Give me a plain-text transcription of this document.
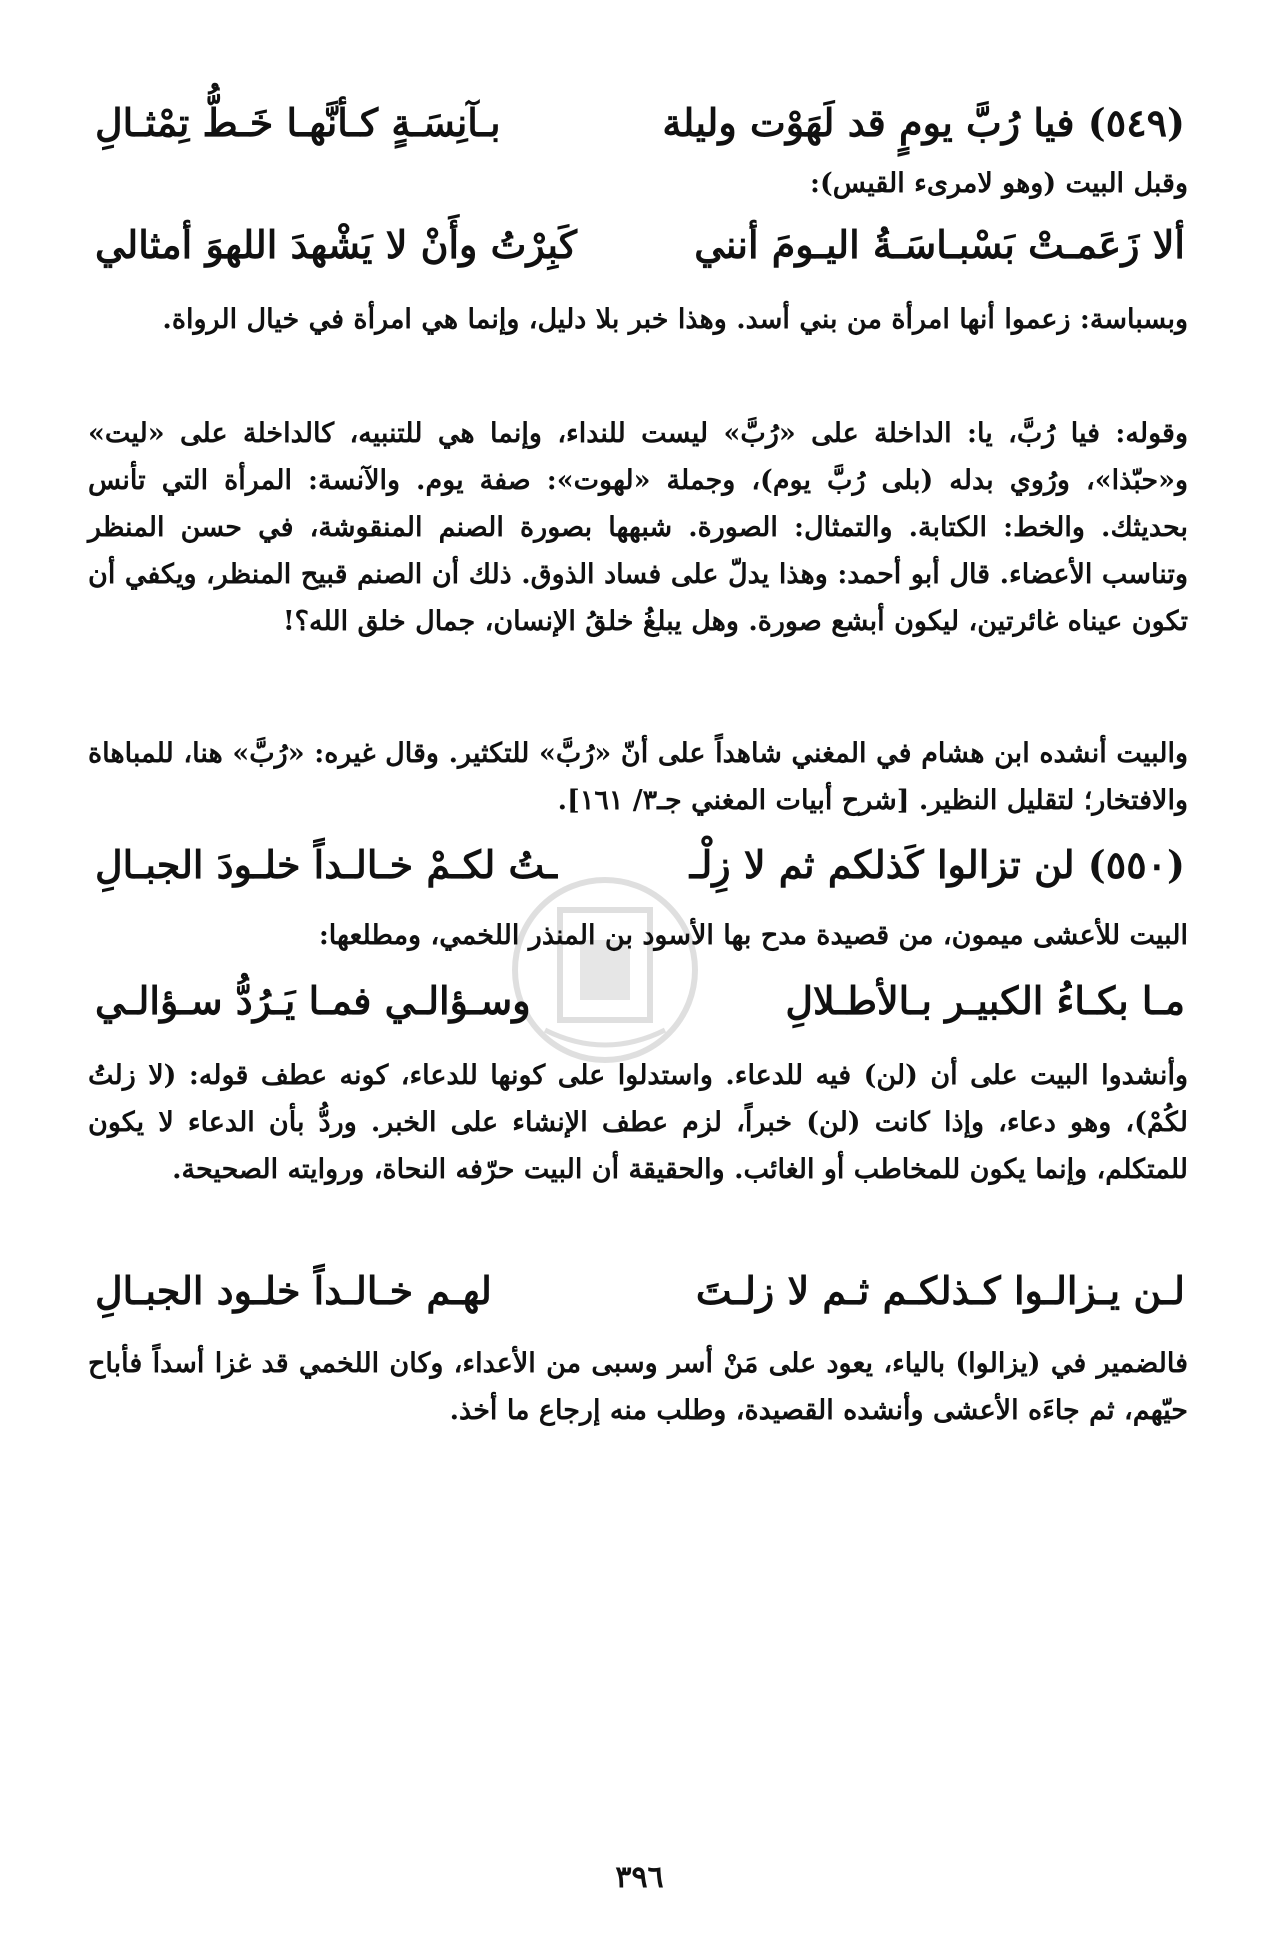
(٥٤٩) فيا رُبَّ يومٍ قد لَهَوْت وليلة
بـآنِسَـةٍ كـأنَّهـا خَـطُّ تِمْثـالِ
وقبل البيت (وهو لامرىء القيس):
ألا زَعَمـتْ بَسْبـاسَـةُ اليـومَ أنني
كَبِرْتُ وأَنْ لا يَشْهدَ اللهوَ أمثالي
وبسباسة: زعموا أنها امرأة من بني أسد. وهذا خبر بلا دليل، وإنما هي امرأة في خيال الرواة.
وقوله: فيا رُبَّ، يا: الداخلة على «رُبَّ» ليست للنداء، وإنما هي للتنبيه، كالداخلة على «ليت» و«حبّذا»، ورُوي بدله (بلى رُبَّ يوم)، وجملة «لهوت»: صفة يوم. والآنسة: المرأة التي تأنس بحديثك. والخط: الكتابة. والتمثال: الصورة. شبهها بصورة الصنم المنقوشة، في حسن المنظر وتناسب الأعضاء. قال أبو أحمد: وهذا يدلّ على فساد الذوق. ذلك أن الصنم قبيح المنظر، ويكفي أن تكون عيناه غائرتين، ليكون أبشع صورة. وهل يبلغُ خلقُ الإنسان، جمال خلق الله؟!
والبيت أنشده ابن هشام في المغني شاهداً على أنّ «رُبَّ» للتكثير. وقال غيره: «رُبَّ» هنا، للمباهاة والافتخار؛ لتقليل النظير. [شرح أبيات المغني جـ٣/ ١٦١].
(٥٥٠) لن تزالوا كَذلكم ثم لا زِلْـ
ـتُ لكـمْ خـالـداً خلـودَ الجبـالِ
البيت للأعشى ميمون، من قصيدة مدح بها الأسود بن المنذر اللخمي، ومطلعها:
مـا بكـاءُ الكبيـر بـالأطـلالِ
وسـؤالـي فمـا يَـرُدُّ سـؤالـي
وأنشدوا البيت على أن (لن) فيه للدعاء. واستدلوا على كونها للدعاء، كونه عطف قوله: (لا زلتُ لكُمْ)، وهو دعاء، وإذا كانت (لن) خبراً، لزم عطف الإنشاء على الخبر. وردُّ بأن الدعاء لا يكون للمتكلم، وإنما يكون للمخاطب أو الغائب. والحقيقة أن البيت حرّفه النحاة، وروايته الصحيحة.
لـن يـزالـوا كـذلكـم ثـم لا زلـتَ
لهـم خـالـداً خلـود الجبـالِ
فالضمير في (يزالوا) بالياء، يعود على مَنْ أسر وسبى من الأعداء، وكان اللخمي قد غزا أسداً فأباح حيّهم، ثم جاءَه الأعشى وأنشده القصيدة، وطلب منه إرجاع ما أخذ.
٣٩٦
